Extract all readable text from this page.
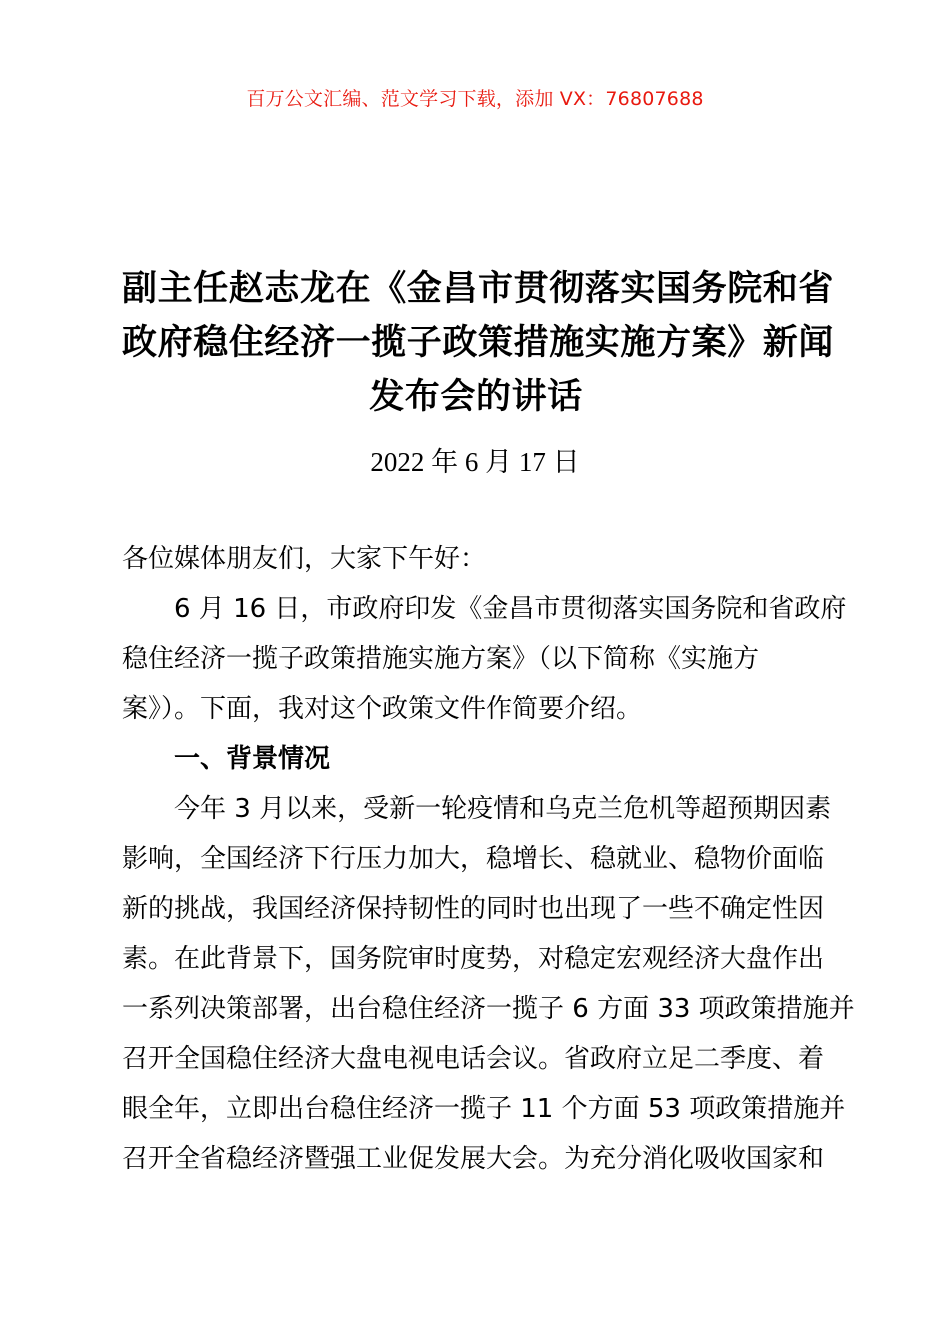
百万公文汇编、范文学习下载，添加 VX：76807688
副主任赵志龙在《金昌市贯彻落实国务院和省
政府稳住经济一揽子政策措施实施方案》新闻
发布会的讲话
2022 年 6 月 17 日
各位媒体朋友们，大家下午好：
6 月 16 日，市政府印发《金昌市贯彻落实国务院和省政府
稳住经济一揽子政策措施实施方案》（以下简称《实施方
案》）。下面，我对这个政策文件作简要介绍。
一、背景情况
今年 3 月以来，受新一轮疫情和乌克兰危机等超预期因素
影响，全国经济下行压力加大，稳增长、稳就业、稳物价面临
新的挑战，我国经济保持韧性的同时也出现了一些不确定性因
素。在此背景下，国务院审时度势，对稳定宏观经济大盘作出
一系列决策部署，出台稳住经济一揽子 6 方面 33 项政策措施并
召开全国稳住经济大盘电视电话会议。省政府立足二季度、着
眼全年，立即出台稳住经济一揽子 11 个方面 53 项政策措施并
召开全省稳经济暨强工业促发展大会。为充分消化吸收国家和
